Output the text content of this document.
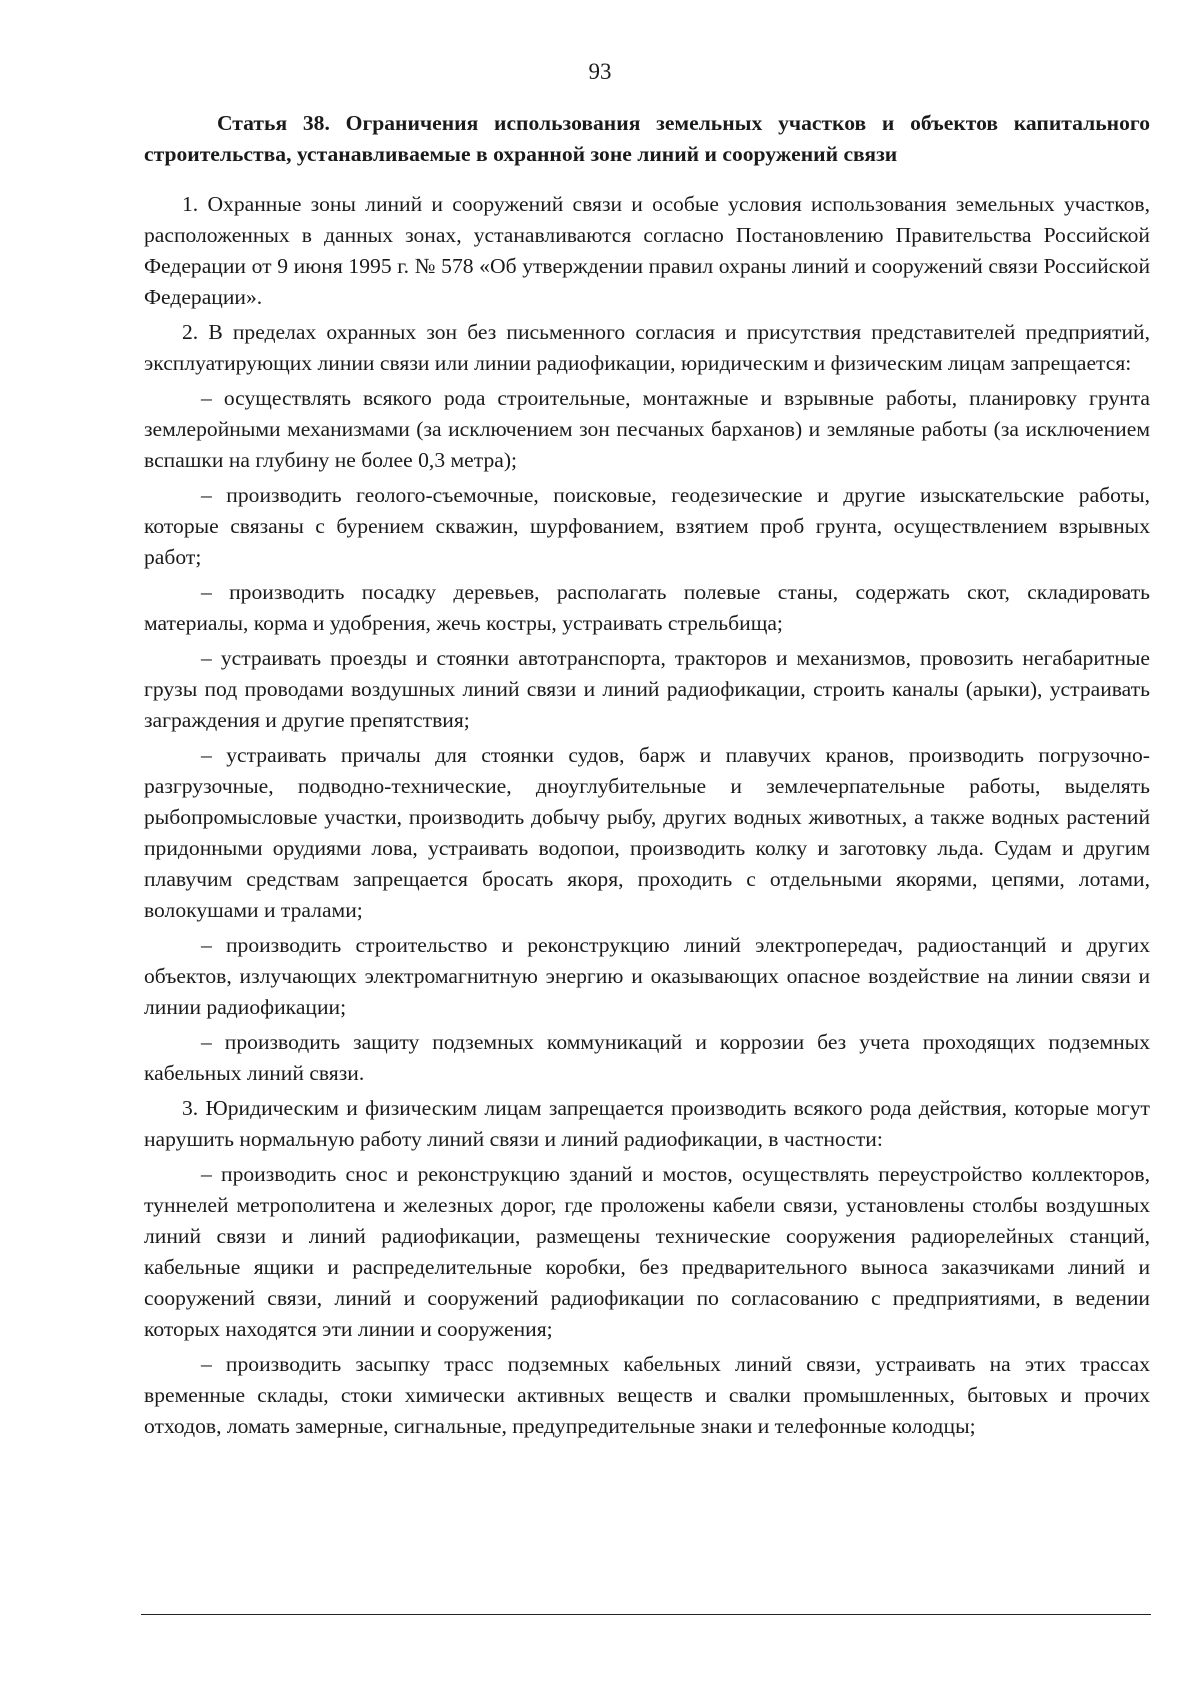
93

Статья 38. Ограничения использования земельных участков и объектов капитального строительства, устанавливаемые в охранной зоне линий и сооружений связи

1. Охранные зоны линий и сооружений связи и особые условия использования земельных участков, расположенных в данных зонах, устанавливаются согласно Постановлению Правительства Российской Федерации от 9 июня 1995 г. № 578 «Об утверждении правил охраны линий и сооружений связи Российской Федерации».

2. В пределах охранных зон без письменного согласия и присутствия представителей предприятий, эксплуатирующих линии связи или линии радиофикации, юридическим и физическим лицам запрещается:

– осуществлять всякого рода строительные, монтажные и взрывные работы, планировку грунта землеройными механизмами (за исключением зон песчаных барханов) и земляные работы (за исключением вспашки на глубину не более 0,3 метра);

– производить геолого-съемочные, поисковые, геодезические и другие изыскательские работы, которые связаны с бурением скважин, шурфованием, взятием проб грунта, осуществлением взрывных работ;

– производить посадку деревьев, располагать полевые станы, содержать скот, складировать материалы, корма и удобрения, жечь костры, устраивать стрельбища;

– устраивать проезды и стоянки автотранспорта, тракторов и механизмов, провозить негабаритные грузы под проводами воздушных линий связи и линий радиофикации, строить каналы (арыки), устраивать заграждения и другие препятствия;

– устраивать причалы для стоянки судов, барж и плавучих кранов, производить погрузочно-разгрузочные, подводно-технические, дноуглубительные и землечерпательные работы, выделять рыбопромысловые участки, производить добычу рыбу, других водных животных, а также водных растений придонными орудиями лова, устраивать водопои, производить колку и заготовку льда. Судам и другим плавучим средствам запрещается бросать якоря, проходить с отдельными якорями, цепями, лотами, волокушами и тралами;

– производить строительство и реконструкцию линий электропередач, радиостанций и других объектов, излучающих электромагнитную энергию и оказывающих опасное воздействие на линии связи и линии радиофикации;

– производить защиту подземных коммуникаций и коррозии без учета проходящих подземных кабельных линий связи.

3. Юридическим и физическим лицам запрещается производить всякого рода действия, которые могут нарушить нормальную работу линий связи и линий радиофикации, в частности:

– производить снос и реконструкцию зданий и мостов, осуществлять переустройство коллекторов, туннелей метрополитена и железных дорог, где проложены кабели связи, установлены столбы воздушных линий связи и линий радиофикации, размещены технические сооружения радиорелейных станций, кабельные ящики и распределительные коробки, без предварительного выноса заказчиками линий и сооружений связи, линий и сооружений радиофикации по согласованию с предприятиями, в ведении которых находятся эти линии и сооружения;

– производить засыпку трасс подземных кабельных линий связи, устраивать на этих трассах временные склады, стоки химически активных веществ и свалки промышленных, бытовых и прочих отходов, ломать замерные, сигнальные, предупредительные знаки и телефонные колодцы;
